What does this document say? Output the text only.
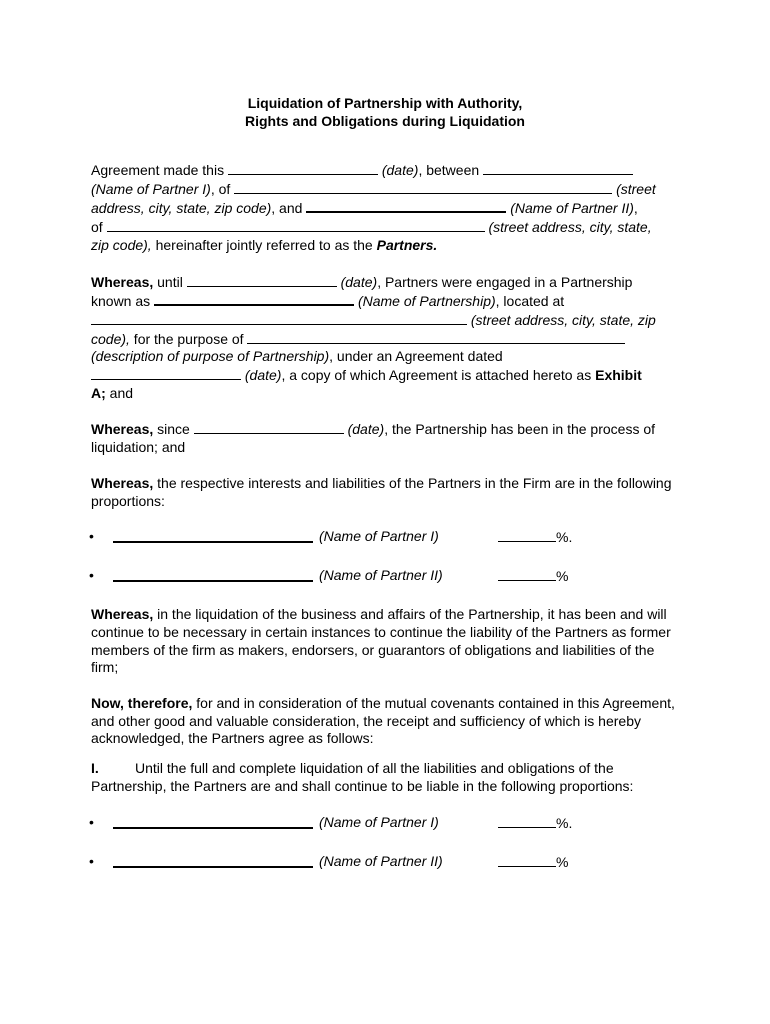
Liquidation of Partnership with Authority,
Rights and Obligations during Liquidation

Agreement made this	(date), between
(Name of Partner I), of	(street
address, city, state, zip code), and	(Name of Partner II),
of	(street address, city, state,
zip code), hereinafter jointly referred to as the Partners.

Whereas, until	(date), Partners were engaged in a Partnership
known as	(Name of Partnership), located at
(street address, city, state, zip
code), for the purpose of
(description of purpose of Partnership), under an Agreement dated
(date), a copy of which Agreement is attached hereto as Exhibit
A; and

Whereas, since	(date), the Partnership has been in the process of liquidation; and

Whereas, the respective interests and liabilities of the Partners in the Firm are in the following proportions:

•	(Name of Partner I)	%.
•	(Name of Partner II)	%

Whereas, in the liquidation of the business and affairs of the Partnership, it has been and will continue to be necessary in certain instances to continue the liability of the Partners as former members of the firm as makers, endorsers, or guarantors of obligations and liabilities of the firm;

Now, therefore, for and in consideration of the mutual covenants contained in this Agreement, and other good and valuable consideration, the receipt and sufficiency of which is hereby acknowledged, the Partners agree as follows:

I.	Until the full and complete liquidation of all the liabilities and obligations of the Partnership, the Partners are and shall continue to be liable in the following proportions:

•	(Name of Partner I)	%.
•	(Name of Partner II)	%
